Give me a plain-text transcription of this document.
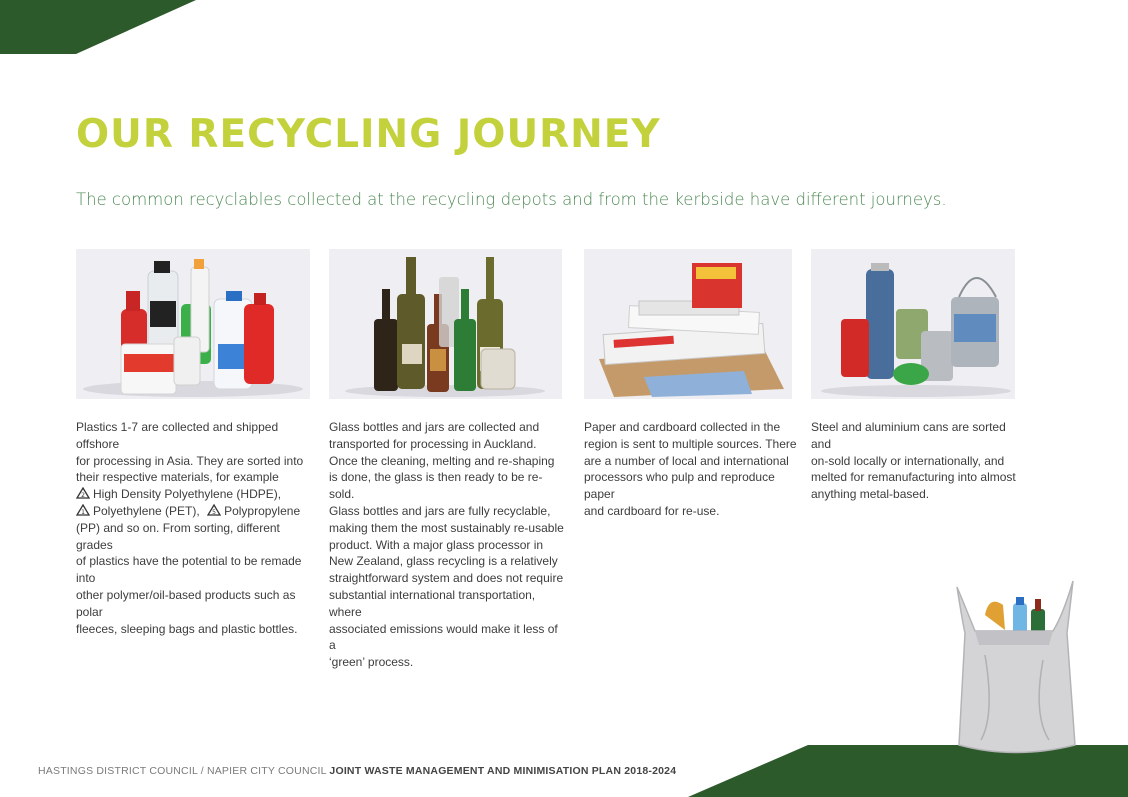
OUR RECYCLING JOURNEY

The common recyclables collected at the recycling depots and from the kerbside have different journeys.

Plastics 1-7 are collected and shipped offshore
for processing in Asia. They are sorted into
their respective materials, for example
2 High Density Polyethylene (HDPE),
1 Polyethylene (PET), 5 Polypropylene
(PP) and so on. From sorting, different grades
of plastics have the potential to be remade into
other polymer/oil-based products such as polar
fleeces, sleeping bags and plastic bottles.
Glass bottles and jars are collected and
transported for processing in Auckland.
Once the cleaning, melting and re-shaping
is done, the glass is then ready to be re-sold.
Glass bottles and jars are fully recyclable,
making them the most sustainably re-usable
product. With a major glass processor in
New Zealand, glass recycling is a relatively
straightforward system and does not require
substantial international transportation, where
associated emissions would make it less of a
‘green’ process.
Paper and cardboard collected in the
region is sent to multiple sources. There
are a number of local and international
processors who pulp and reproduce paper
and cardboard for re-use.
Steel and aluminium cans are sorted and
on-sold locally or internationally, and
melted for remanufacturing into almost
anything metal-based.
HASTINGS DISTRICT COUNCIL / NAPIER CITY COUNCIL JOINT WASTE MANAGEMENT AND MINIMISATION PLAN 2018-2024
